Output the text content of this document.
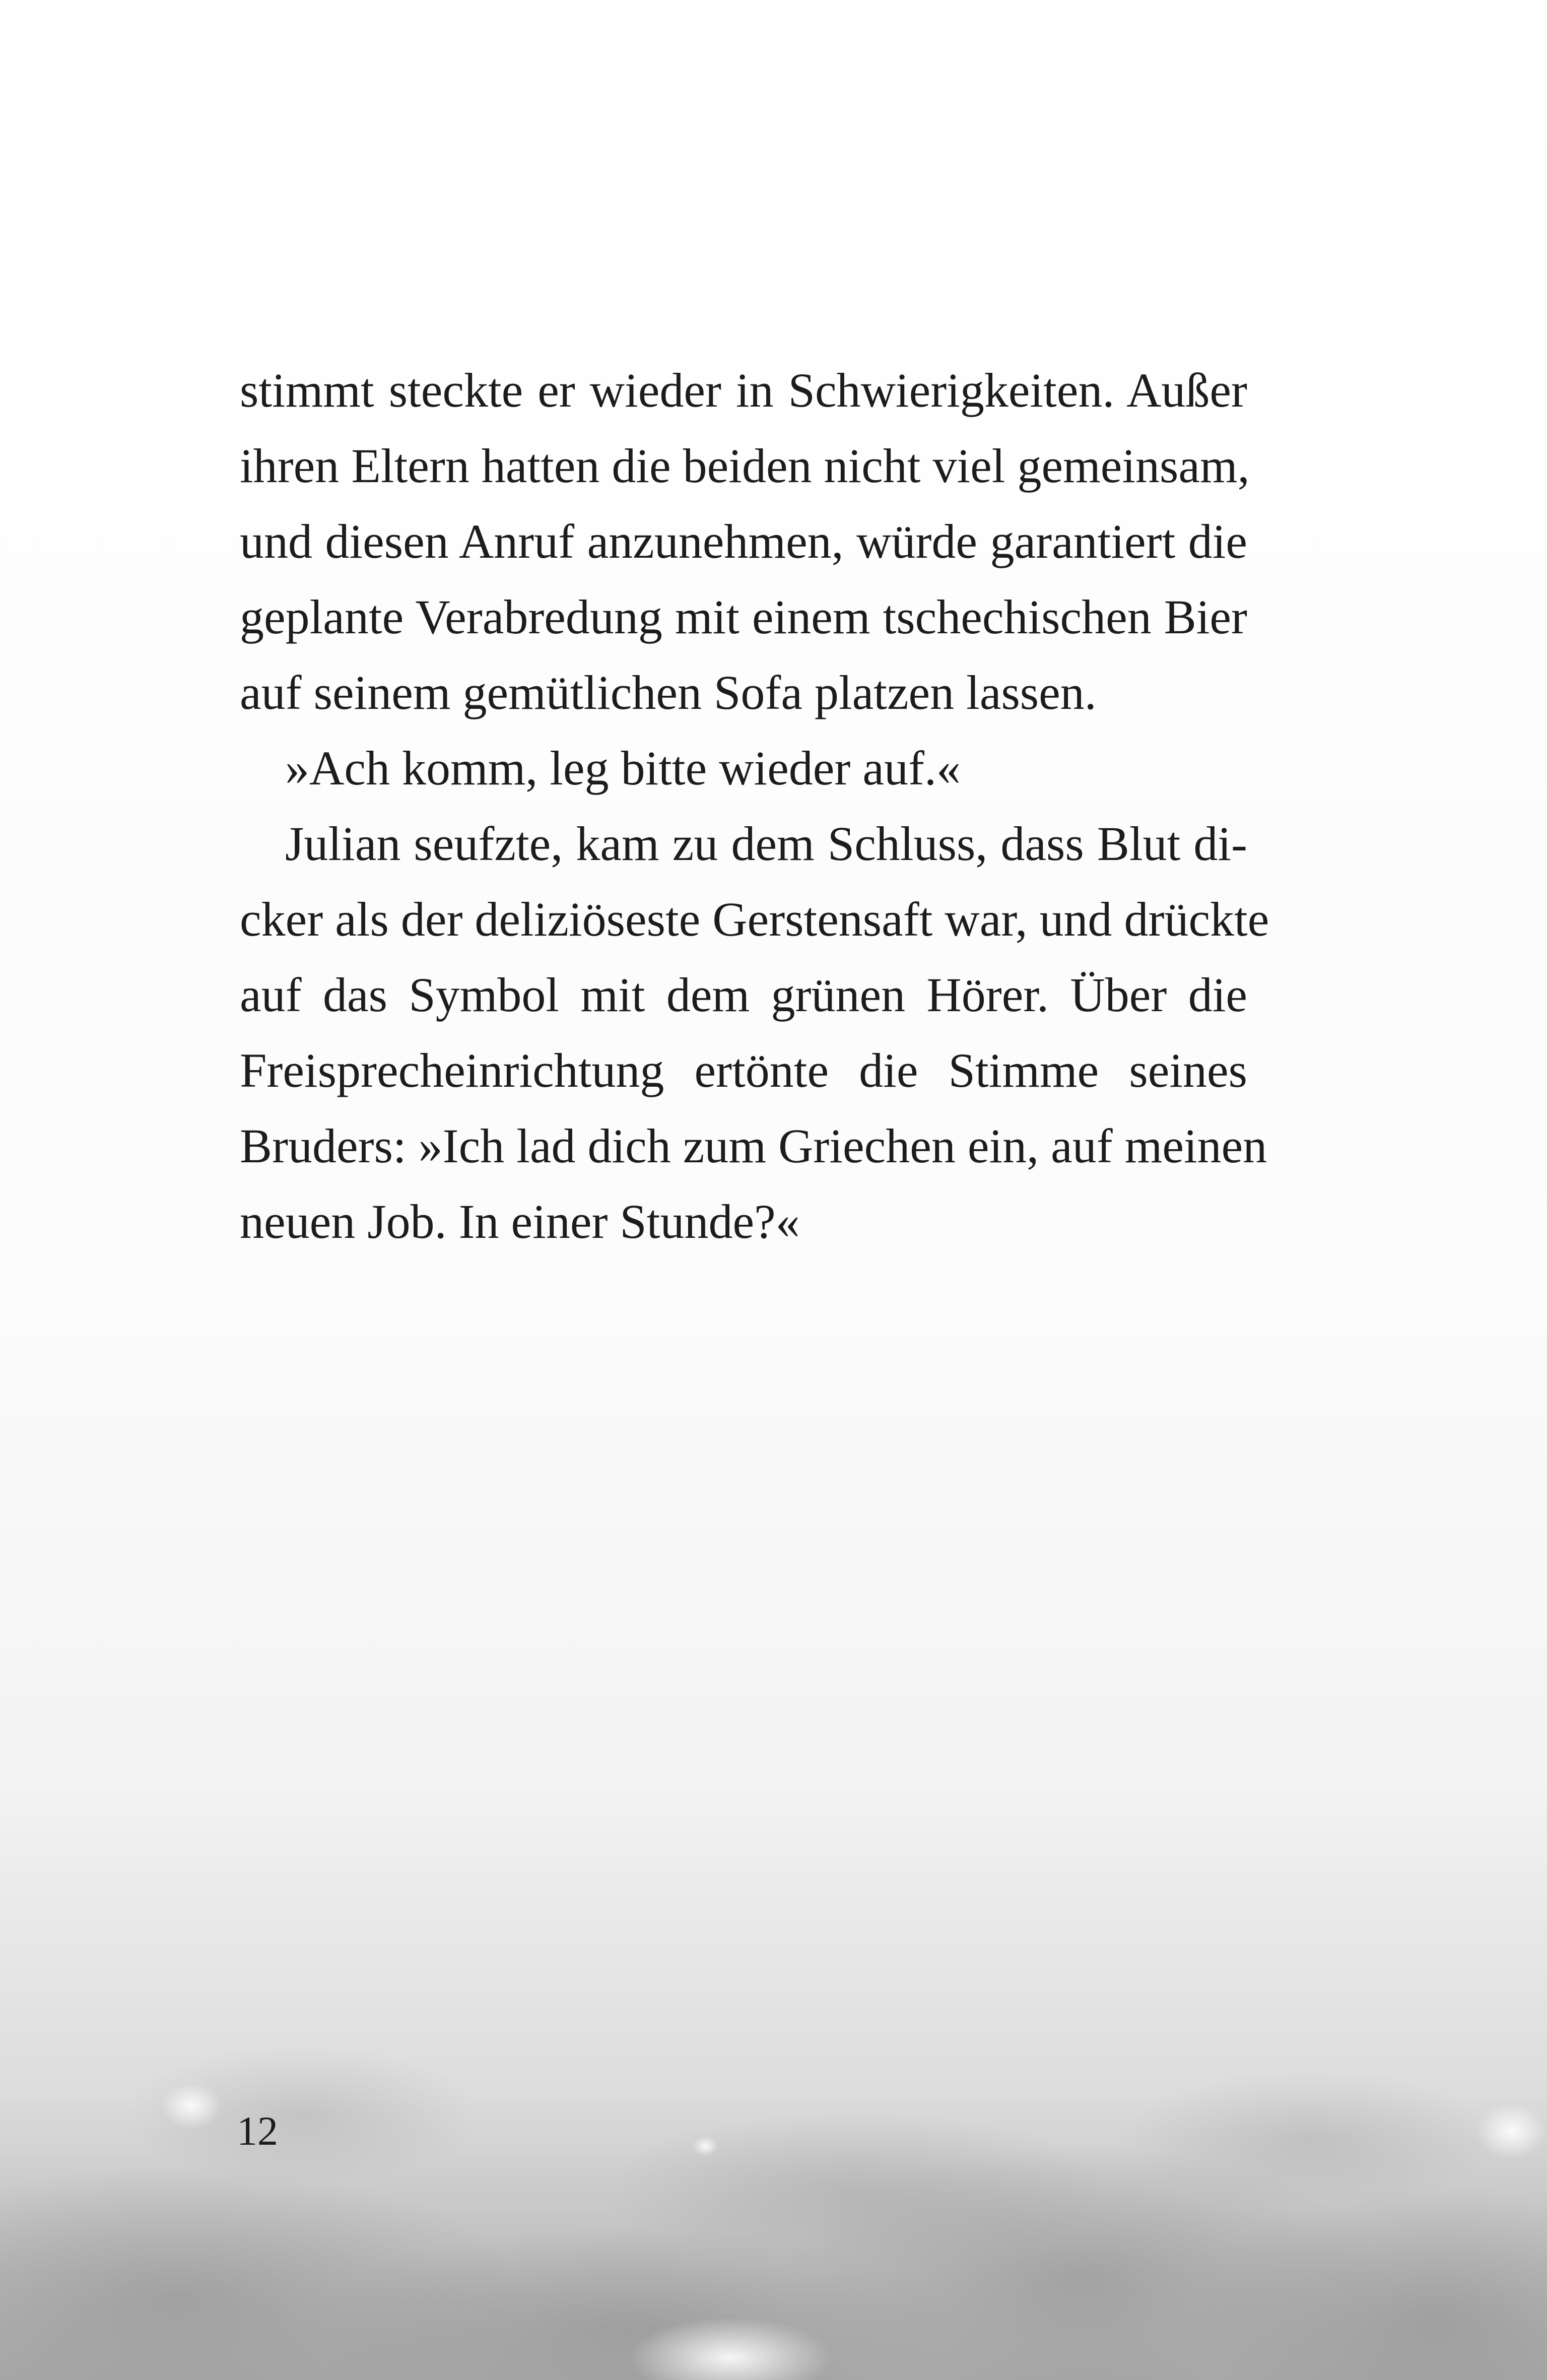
stimmt steckte er wieder in Schwierigkeiten. Außer
ihren Eltern hatten die beiden nicht viel gemeinsam,
und diesen Anruf anzunehmen, würde garantiert die
geplante Verabredung mit einem tschechischen Bier
auf seinem gemütlichen Sofa platzen lassen.
»Ach komm, leg bitte wieder auf.«
Julian seufzte, kam zu dem Schluss, dass Blut di-
cker als der deliziöseste Gerstensaft war, und drückte
auf das Symbol mit dem grünen Hörer. Über die
Freisprecheinrichtung ertönte die Stimme seines
Bruders: »Ich lad dich zum Griechen ein, auf meinen
neuen Job. In einer Stunde?«
12
